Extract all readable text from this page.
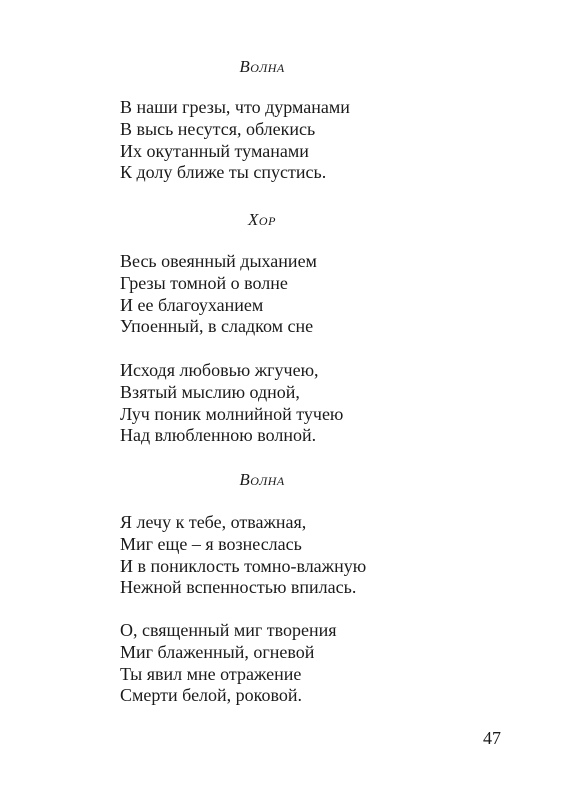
Волна
В наши грезы, что дурманами
В высь несутся, облекись
Их окутанный туманами
К долу ближе ты спустись.
Хор
Весь овеянный дыханием
Грезы томной о волне
И ее благоуханием
Упоенный, в сладком сне
Исходя любовью жгучею,
Взятый мыслию одной,
Луч поник молнийной тучею
Над влюбленною волной.
Волна
Я лечу к тебе, отважная,
Миг еще – я вознеслась
И в пониклость томно-влажную
Нежной вспенностью впилась.
О, священный миг творения
Миг блаженный, огневой
Ты явил мне отражение
Смерти белой, роковой.
47
